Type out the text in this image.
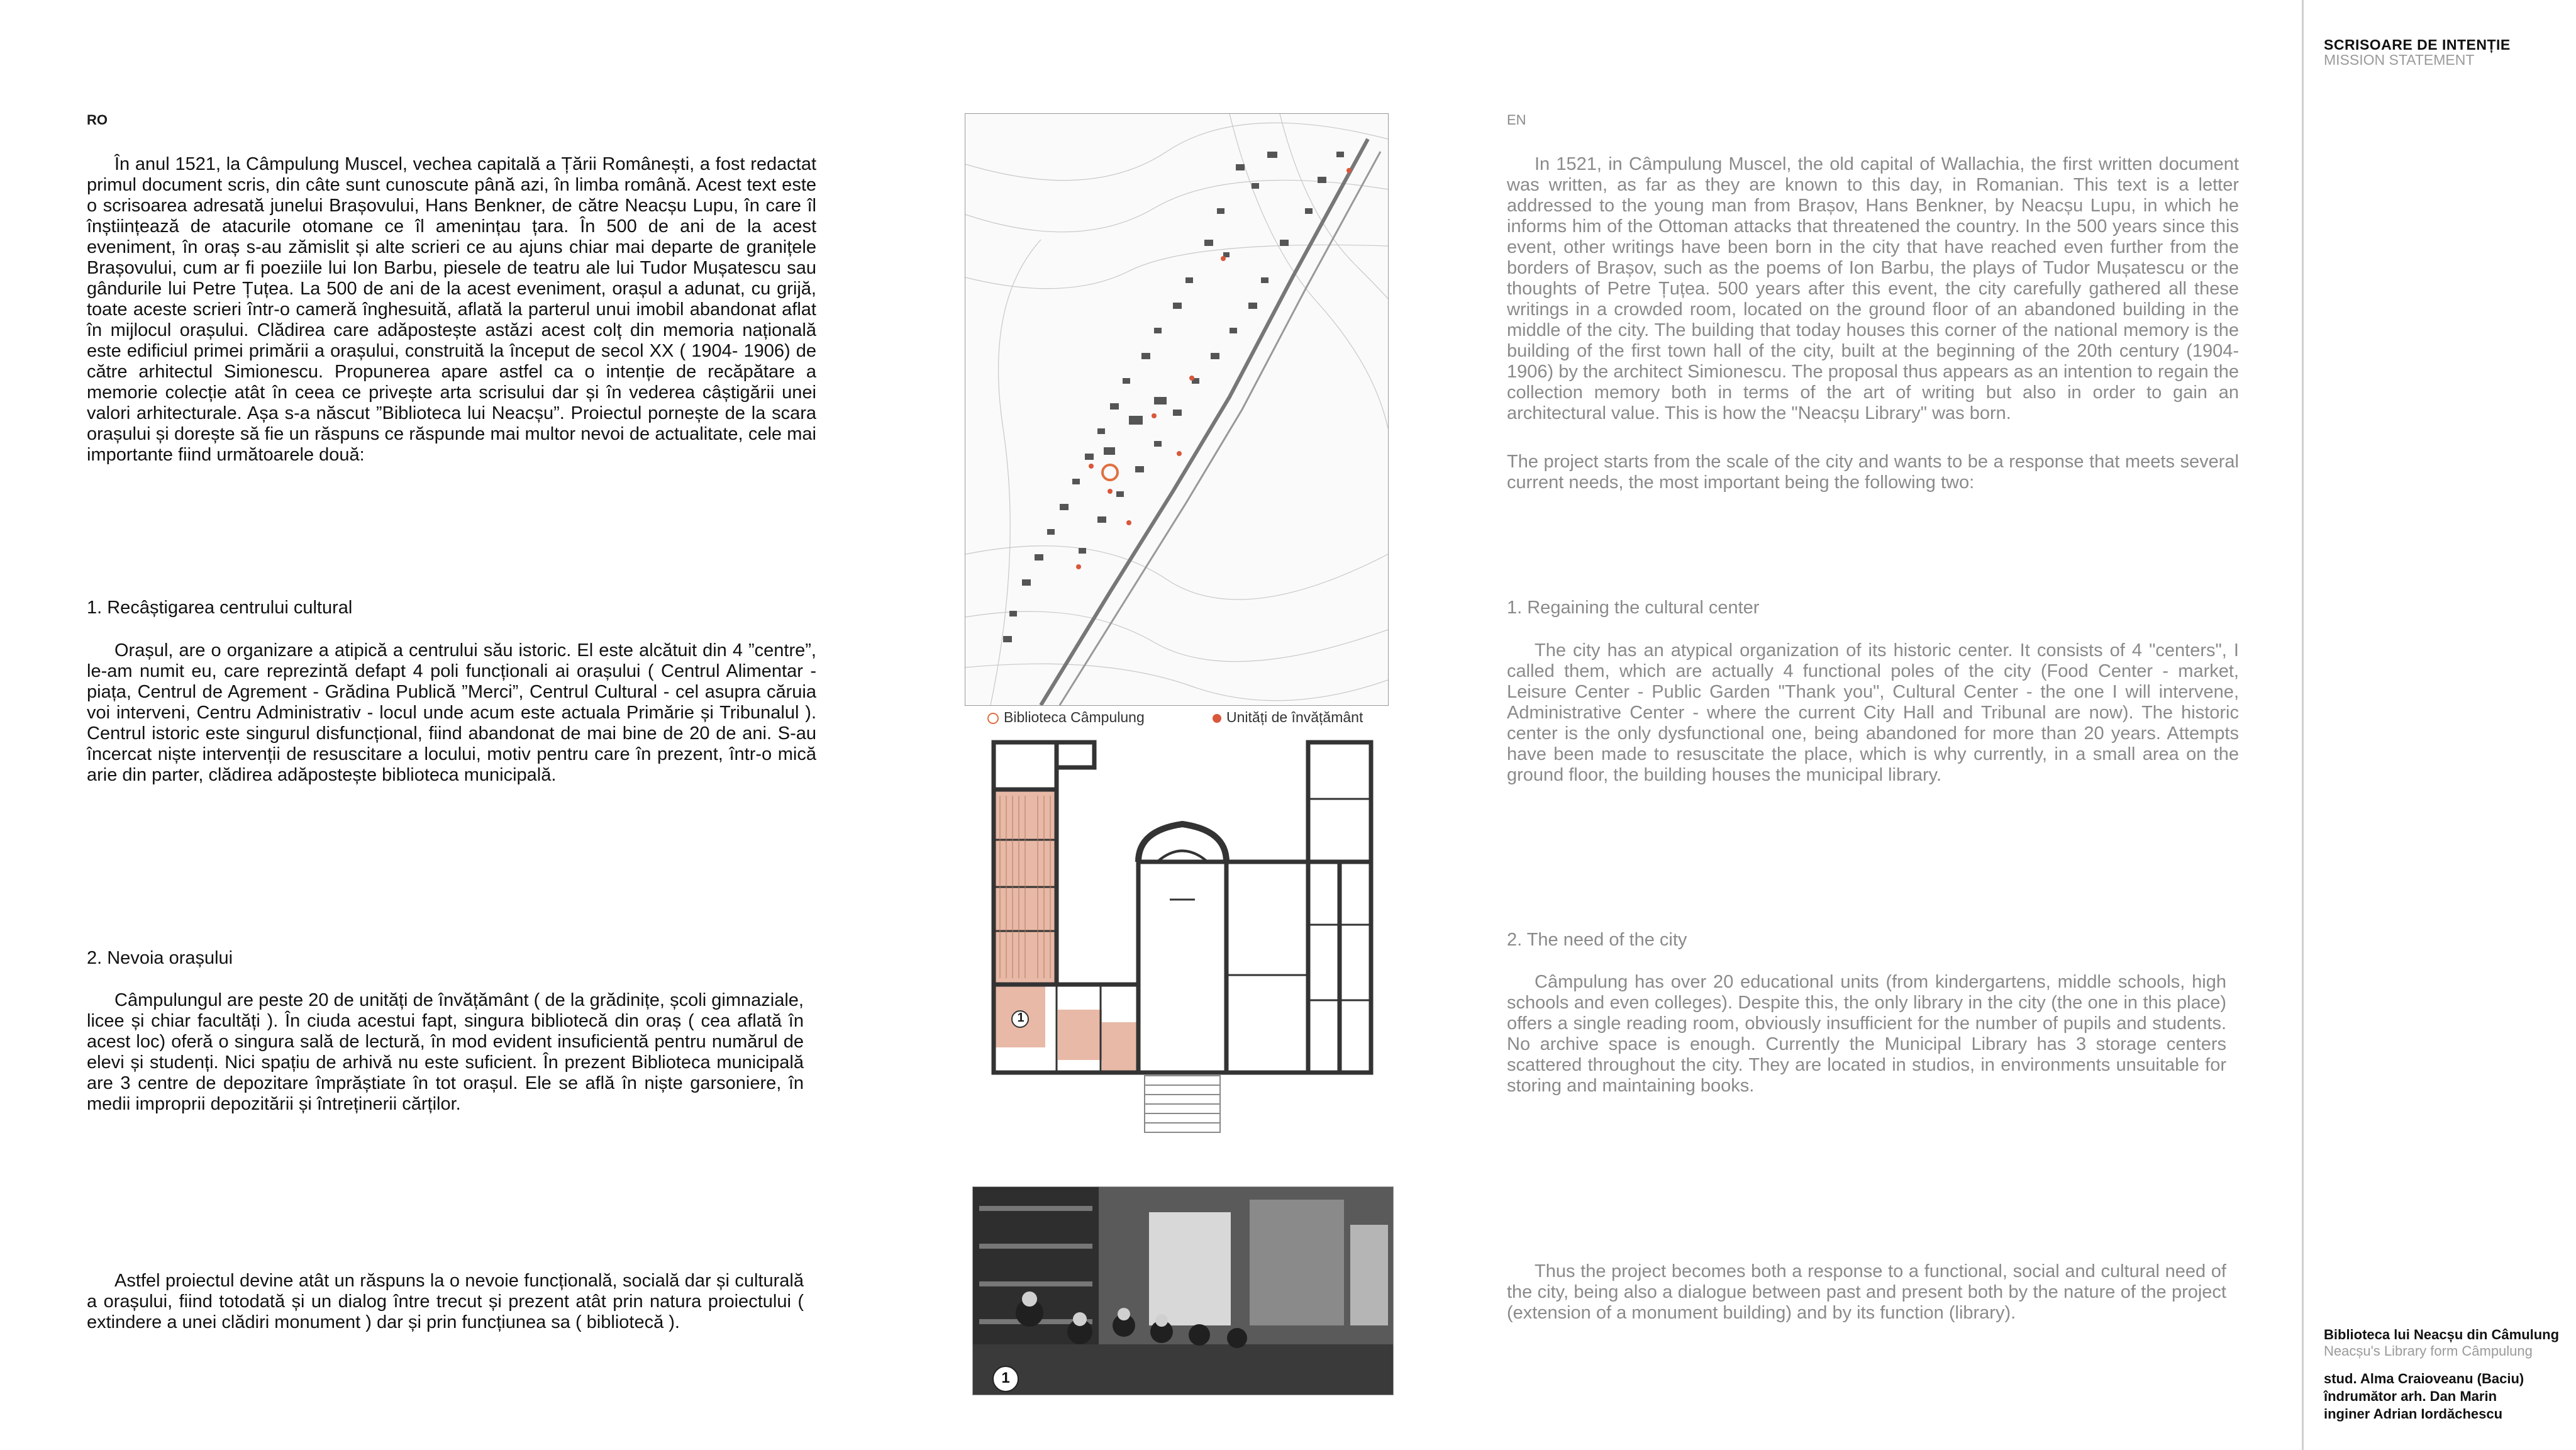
RO

În anul 1521, la Câmpulung Muscel, vechea capitală a Țării Românești, a fost redactat primul document scris, din câte sunt cunoscute până azi, în limba română. Acest text este o scrisoarea adresată junelui Brașovului, Hans Benkner, de către Neacșu Lupu, în care îl înștiințează de atacurile otomane ce îl amenințau țara. În 500 de ani de la acest eveniment, în oraș s-au zămislit și alte scrieri ce au ajuns chiar mai departe de granițele Brașovului, cum ar fi poeziile lui Ion Barbu, piesele de teatru ale lui Tudor Mușatescu sau gândurile lui Petre Țuțea. La 500 de ani de la acest eveniment, orașul a adunat, cu grijă, toate aceste scrieri într-o cameră înghesuită, aflată la parterul unui imobil abandonat aflat în mijlocul orașului. Clădirea care adăpostește astăzi acest colț din memoria națională este edificiul primei primării a orașului, construită la început de secol XX ( 1904- 1906) de către arhitectul Simionescu. Propunerea apare astfel ca o intenție de recăpătare a memorie colecție atât în ceea ce privește arta scrisului dar și în vederea câștigării unei valori arhitecturale. Așa s-a născut ”Biblioteca lui Neacșu”. Proiectul pornește de la scara orașului și dorește să fie un răspuns ce răspunde mai multor nevoi de actualitate, cele mai importante fiind următoarele două:

1. Recâștigarea centrului cultural

Orașul, are o organizare a atipică a centrului său istoric. El este alcătuit din 4 ”centre”, le-am numit eu, care reprezintă defapt 4 poli funcționali ai orașului ( Centrul Alimentar - piața, Centrul de Agrement - Grădina Publică ”Merci”, Centrul Cultural - cel asupra căruia voi interveni, Centru Administrativ - locul unde acum este actuala Primărie și Tribunalul ). Centrul istoric este singurul disfuncțional, fiind abandonat de mai bine de 20 de ani. S-au încercat niște intervenții de resuscitare a locului, motiv pentru care în prezent, într-o mică arie din parter, clădirea adăpostește biblioteca municipală.

2. Nevoia orașului

Câmpulungul are peste 20 de unități de învățământ ( de la grădinițe, școli gimnaziale, licee și chiar facultăți ). În ciuda acestui fapt, singura bibliotecă din oraș ( cea aflată în acest loc) oferă o singura sală de lectură, în mod evident insuficientă pentru numărul de elevi și studenți. Nici spațiu de arhivă nu este suficient. În prezent Biblioteca municipală are 3 centre de depozitare împrăștiate în tot orașul. Ele se află în niște garsoniere, în medii improprii depozitării și întreținerii cărților.

Astfel proiectul devine atât un răspuns la o nevoie funcțională, socială dar și culturală a orașului, fiind totodată și un dialog între trecut și prezent atât prin natura proiectului ( extindere a unei clădiri monument ) dar și prin funcțiunea sa ( bibliotecă ).

Biblioteca Câmpulung	Unități de învățământ
1
1
EN

In 1521, in Câmpulung Muscel, the old capital of Wallachia, the first written document was written, as far as they are known to this day, in Romanian. This text is a letter addressed to the young man from Brașov, Hans Benkner, by Neacșu Lupu, in which he informs him of the Ottoman attacks that threatened the country. In the 500 years since this event, other writings have been born in the city that have reached even further from the borders of Brașov, such as the poems of Ion Barbu, the plays of Tudor Mușatescu or the thoughts of Petre Țuțea. 500 years after this event, the city carefully gathered all these writings in a crowded room, located on the ground floor of an abandoned building in the middle of the city. The building that today houses this corner of the national memory is the building of the first town hall of the city, built at the beginning of the 20th century (1904-1906) by the architect Simionescu. The proposal thus appears as an intention to regain the collection memory both in terms of the art of writing but also in order to gain an architectural value. This is how the "Neacșu Library" was born.

The project starts from the scale of the city and wants to be a response that meets several current needs, the most important being the following two:

1. Regaining the cultural center

The city has an atypical organization of its historic center. It consists of 4 "centers", I called them, which are actually 4 functional poles of the city (Food Center - market, Leisure Center - Public Garden "Thank you", Cultural Center - the one I will intervene, Administrative Center - where the current City Hall and Tribunal are now). The historic center is the only dysfunctional one, being abandoned for more than 20 years. Attempts have been made to resuscitate the place, which is why currently, in a small area on the ground floor, the building houses the municipal library.

2. The need of the city

Câmpulung has over 20 educational units (from kindergartens, middle schools, high schools and even colleges). Despite this, the only library in the city (the one in this place) offers a single reading room, obviously insufficient for the number of pupils and students. No archive space is enough. Currently the Municipal Library has 3 storage centers scattered throughout the city. They are located in studios, in environments unsuitable for storing and maintaining books.

Thus the project becomes both a response to a functional, social and cultural need of the city, being also a dialogue between past and present both by the nature of the project (extension of a monument building) and by its function (library).

SCRISOARE DE INTENȚIE
MISSION STATEMENT
Biblioteca lui Neacșu din Câmulung
Neacșu's Library form Câmpulung
stud. Alma Craioveanu (Baciu)
îndrumător arh. Dan Marin
inginer Adrian Iordăchescu
